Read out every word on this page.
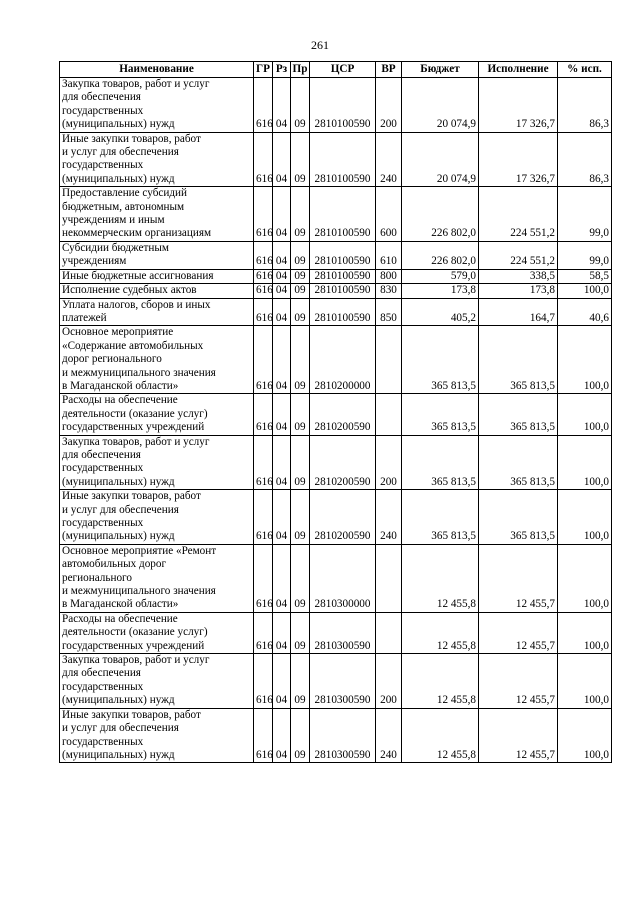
261
Наименование	ГР	Рз	Пр	ЦСР	ВР	Бюджет	Исполнение	% исп.

Закупка товаров, работ и услуг
для обеспечения
государственных
(муниципальных) нужд	616	04	09	2810100590	200	20 074,9	17 326,7	86,3

Иные закупки товаров, работ
и услуг для обеспечения
государственных
(муниципальных) нужд	616	04	09	2810100590	240	20 074,9	17 326,7	86,3

Предоставление субсидий
бюджетным, автономным
учреждениям и иным
некоммерческим организациям	616	04	09	2810100590	600	226 802,0	224 551,2	99,0

Субсидии бюджетным
учреждениям	616	04	09	2810100590	610	226 802,0	224 551,2	99,0

Иные бюджетные ассигнования	616	04	09	2810100590	800	579,0	338,5	58,5

Исполнение судебных актов	616	04	09	2810100590	830	173,8	173,8	100,0

Уплата налогов, сборов и иных
платежей	616	04	09	2810100590	850	405,2	164,7	40,6

Основное мероприятие
«Содержание автомобильных
дорог регионального
и межмуниципального значения
в Магаданской области»	616	04	09	2810200000		365 813,5	365 813,5	100,0

Расходы на обеспечение
деятельности (оказание услуг)
государственных учреждений	616	04	09	2810200590		365 813,5	365 813,5	100,0

Закупка товаров, работ и услуг
для обеспечения
государственных
(муниципальных) нужд	616	04	09	2810200590	200	365 813,5	365 813,5	100,0

Иные закупки товаров, работ
и услуг для обеспечения
государственных
(муниципальных) нужд	616	04	09	2810200590	240	365 813,5	365 813,5	100,0

Основное мероприятие «Ремонт
автомобильных дорог
регионального
и межмуниципального значения
в Магаданской области»	616	04	09	2810300000		12 455,8	12 455,7	100,0

Расходы на обеспечение
деятельности (оказание услуг)
государственных учреждений	616	04	09	2810300590		12 455,8	12 455,7	100,0

Закупка товаров, работ и услуг
для обеспечения
государственных
(муниципальных) нужд	616	04	09	2810300590	200	12 455,8	12 455,7	100,0

Иные закупки товаров, работ
и услуг для обеспечения
государственных
(муниципальных) нужд	616	04	09	2810300590	240	12 455,8	12 455,7	100,0
